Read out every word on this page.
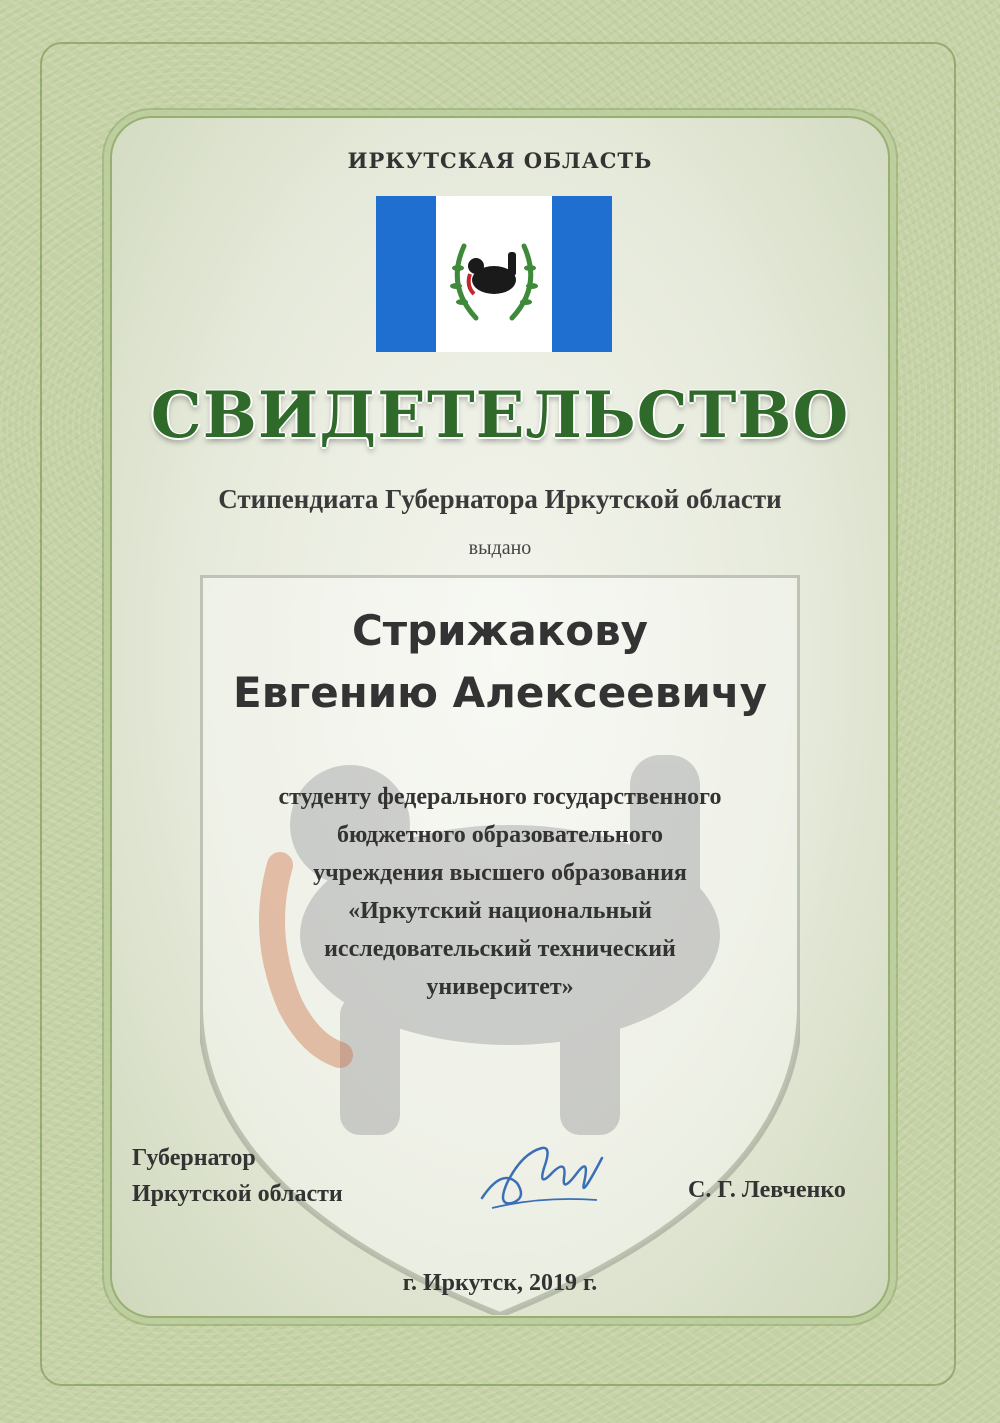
ИРКУТСКАЯ ОБЛАСТЬ
СВИДЕТЕЛЬСТВО
Стипендиата Губернатора Иркутской области
выдано
Стрижакову
Евгению Алексеевичу
студенту федерального государственного
бюджетного образовательного
учреждения высшего образования
«Иркутский национальный
исследовательский технический
университет»
Губернатор
Иркутской области	С. Г. Левченко
г. Иркутск, 2019 г.
